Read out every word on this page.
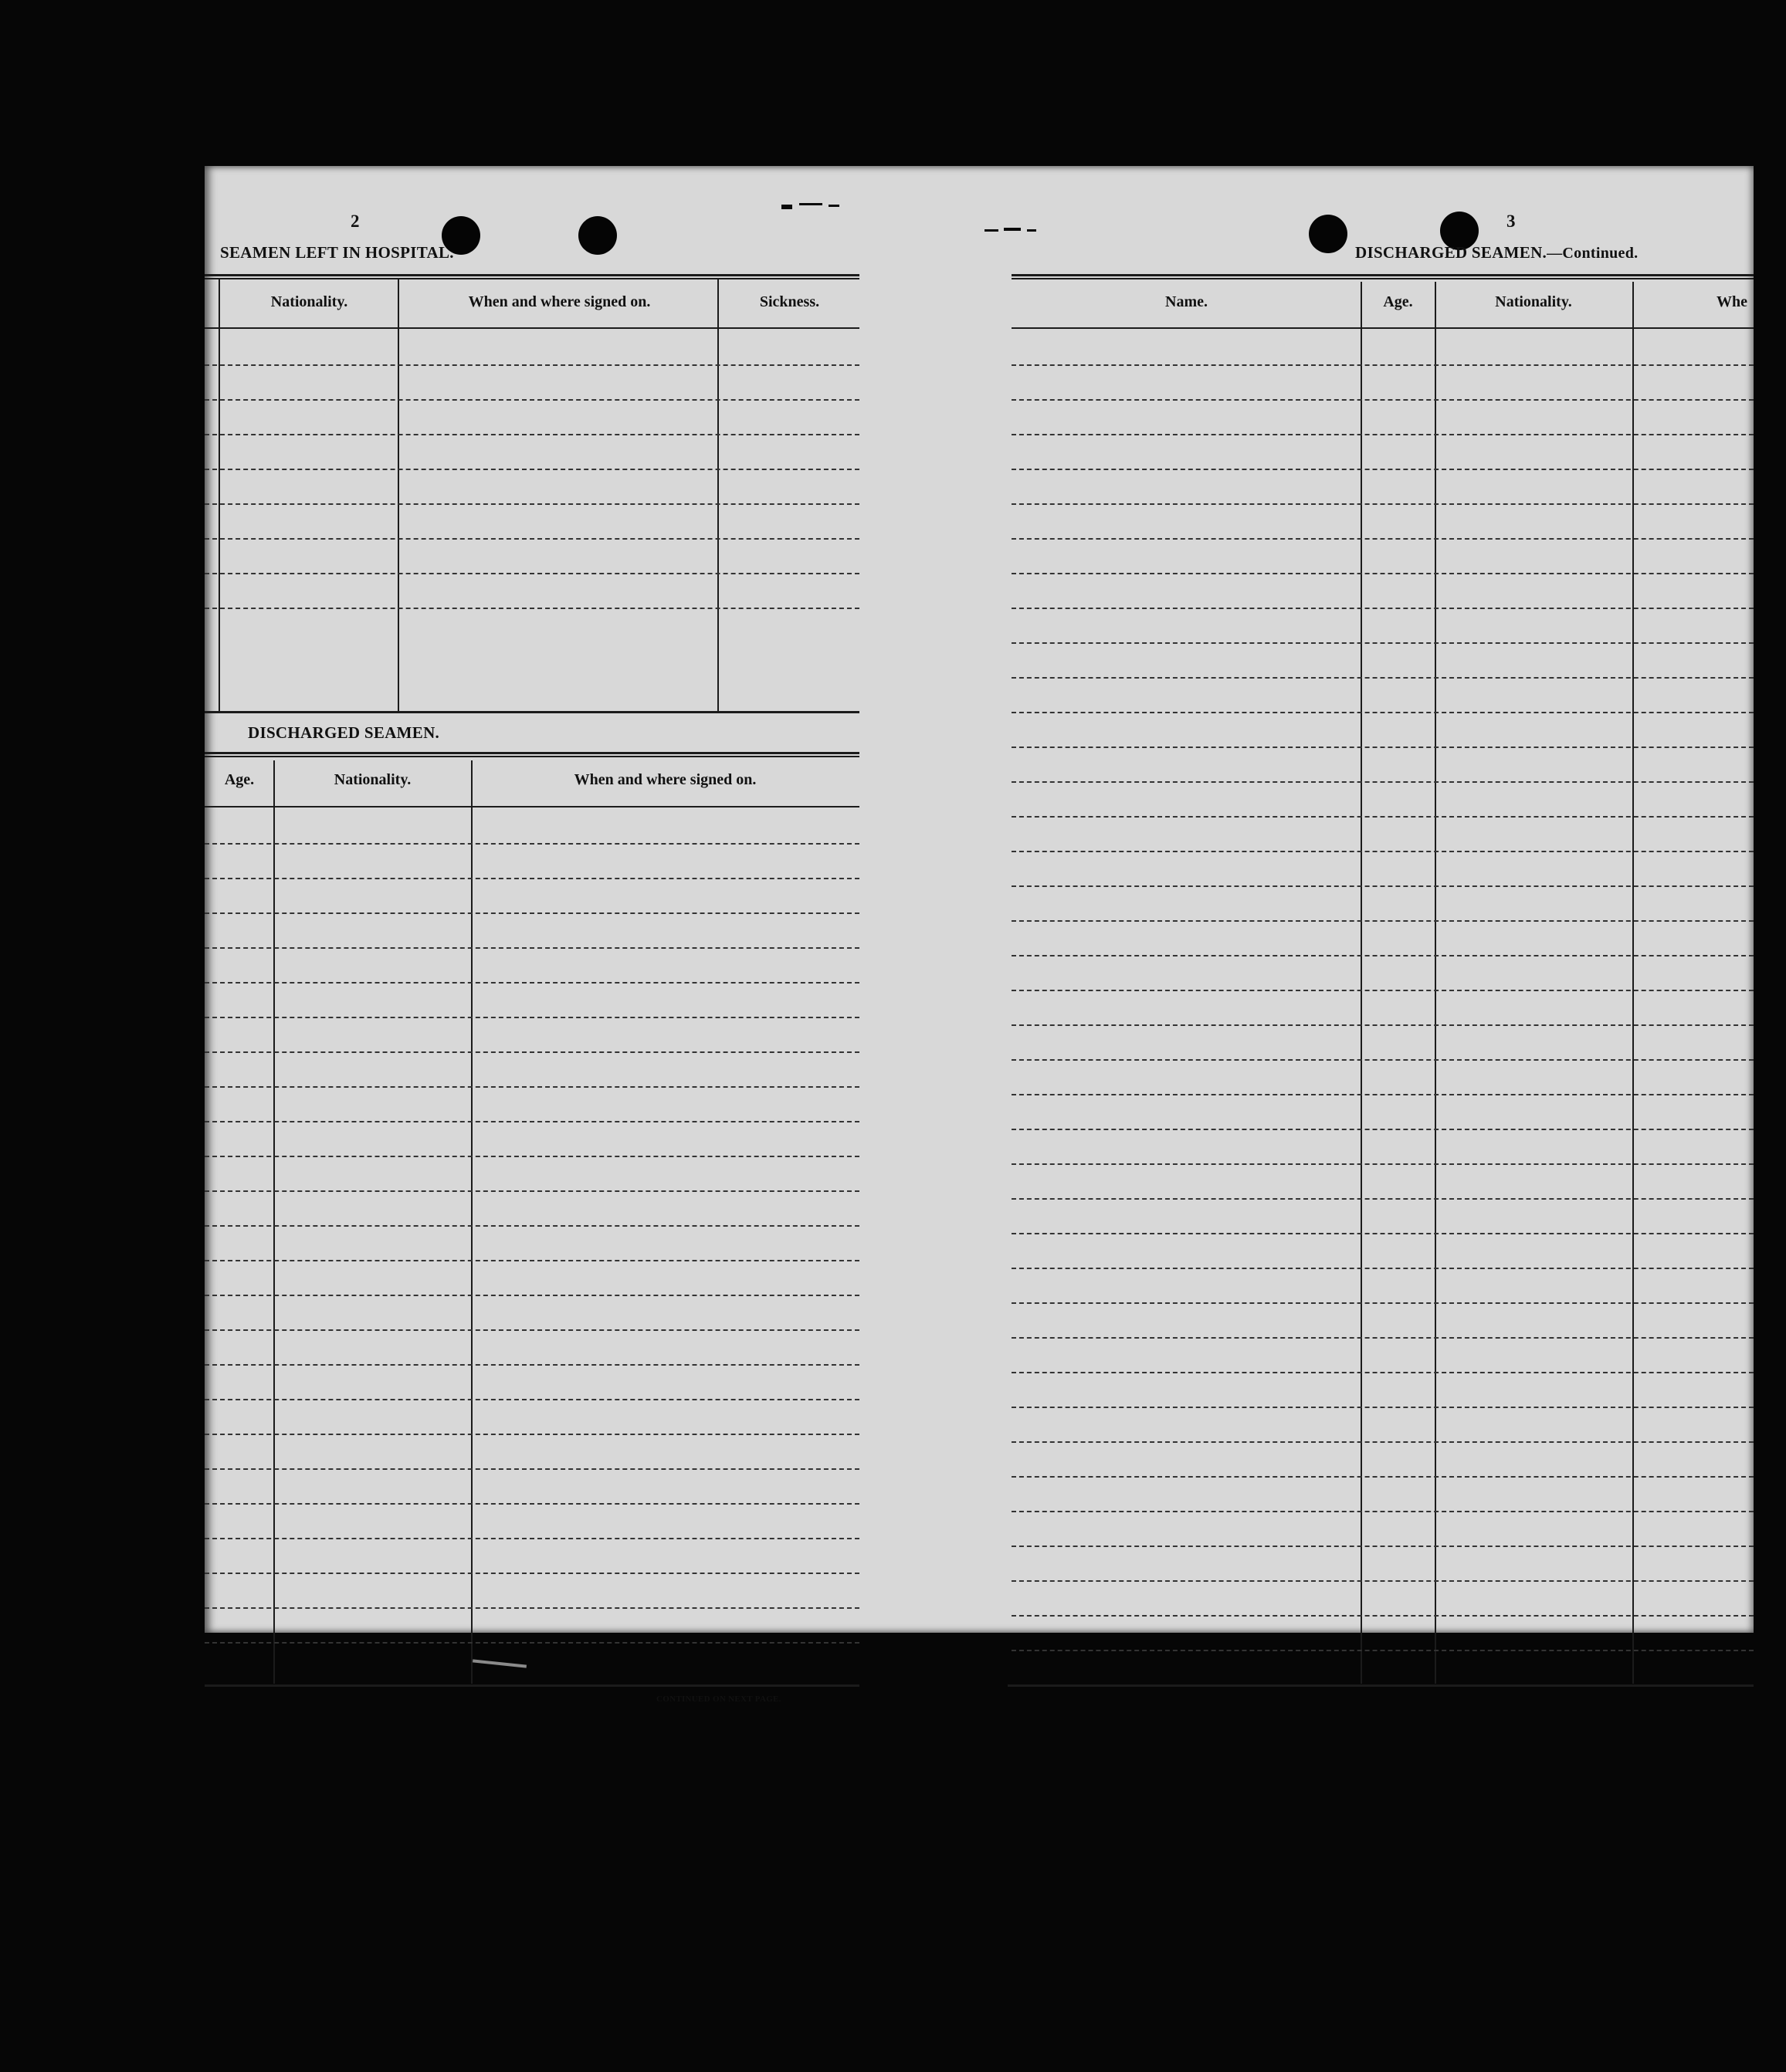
2
SEAMEN LEFT IN HOSPITAL.
Nationality.	When and where signed on.	Sickness.
DISCHARGED SEAMEN.
Age.	Nationality.	When and where signed on.
CONTINUED ON NEXT PAGE.
3
DISCHARGED SEAMEN.—Continued.
Name.	Age.	Nationality.	Whe
